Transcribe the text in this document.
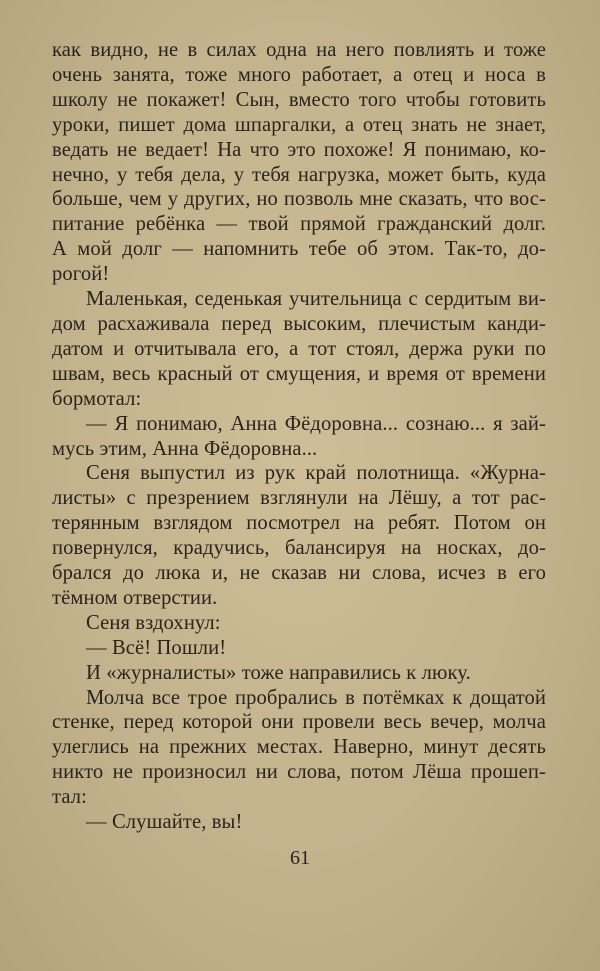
как видно, не в силах одна на него повлиять и тоже
очень занята, тоже много работает, а отец и носа в
школу не покажет! Сын, вместо того чтобы готовить
уроки, пишет дома шпаргалки, а отец знать не знает,
ведать не ведает! На что это похоже! Я понимаю, ко-
нечно, у тебя дела, у тебя нагрузка, может быть, куда
больше, чем у других, но позволь мне сказать, что вос-
питание ребёнка — твой прямой гражданский долг.
А мой долг — напомнить тебе об этом. Так-то, до-
рогой!
Маленькая, седенькая учительница с сердитым ви-
дом расхаживала перед высоким, плечистым канди-
датом и отчитывала его, а тот стоял, держа руки по
швам, весь красный от смущения, и время от времени
бормотал:
— Я понимаю, Анна Фёдоровна... сознаю... я зай-
мусь этим, Анна Фёдоровна...
Сеня выпустил из рук край полотнища. «Журна-
листы» с презрением взглянули на Лёшу, а тот рас-
терянным взглядом посмотрел на ребят. Потом он
повернулся, крадучись, балансируя на носках, до-
брался до люка и, не сказав ни слова, исчез в его
тёмном отверстии.
Сеня вздохнул:
— Всё! Пошли!
И «журналисты» тоже направились к люку.
Молча все трое пробрались в потёмках к дощатой
стенке, перед которой они провели весь вечер, молча
улеглись на прежних местах. Наверно, минут десять
никто не произносил ни слова, потом Лёша прошеп-
тал:
— Слушайте, вы!
61
